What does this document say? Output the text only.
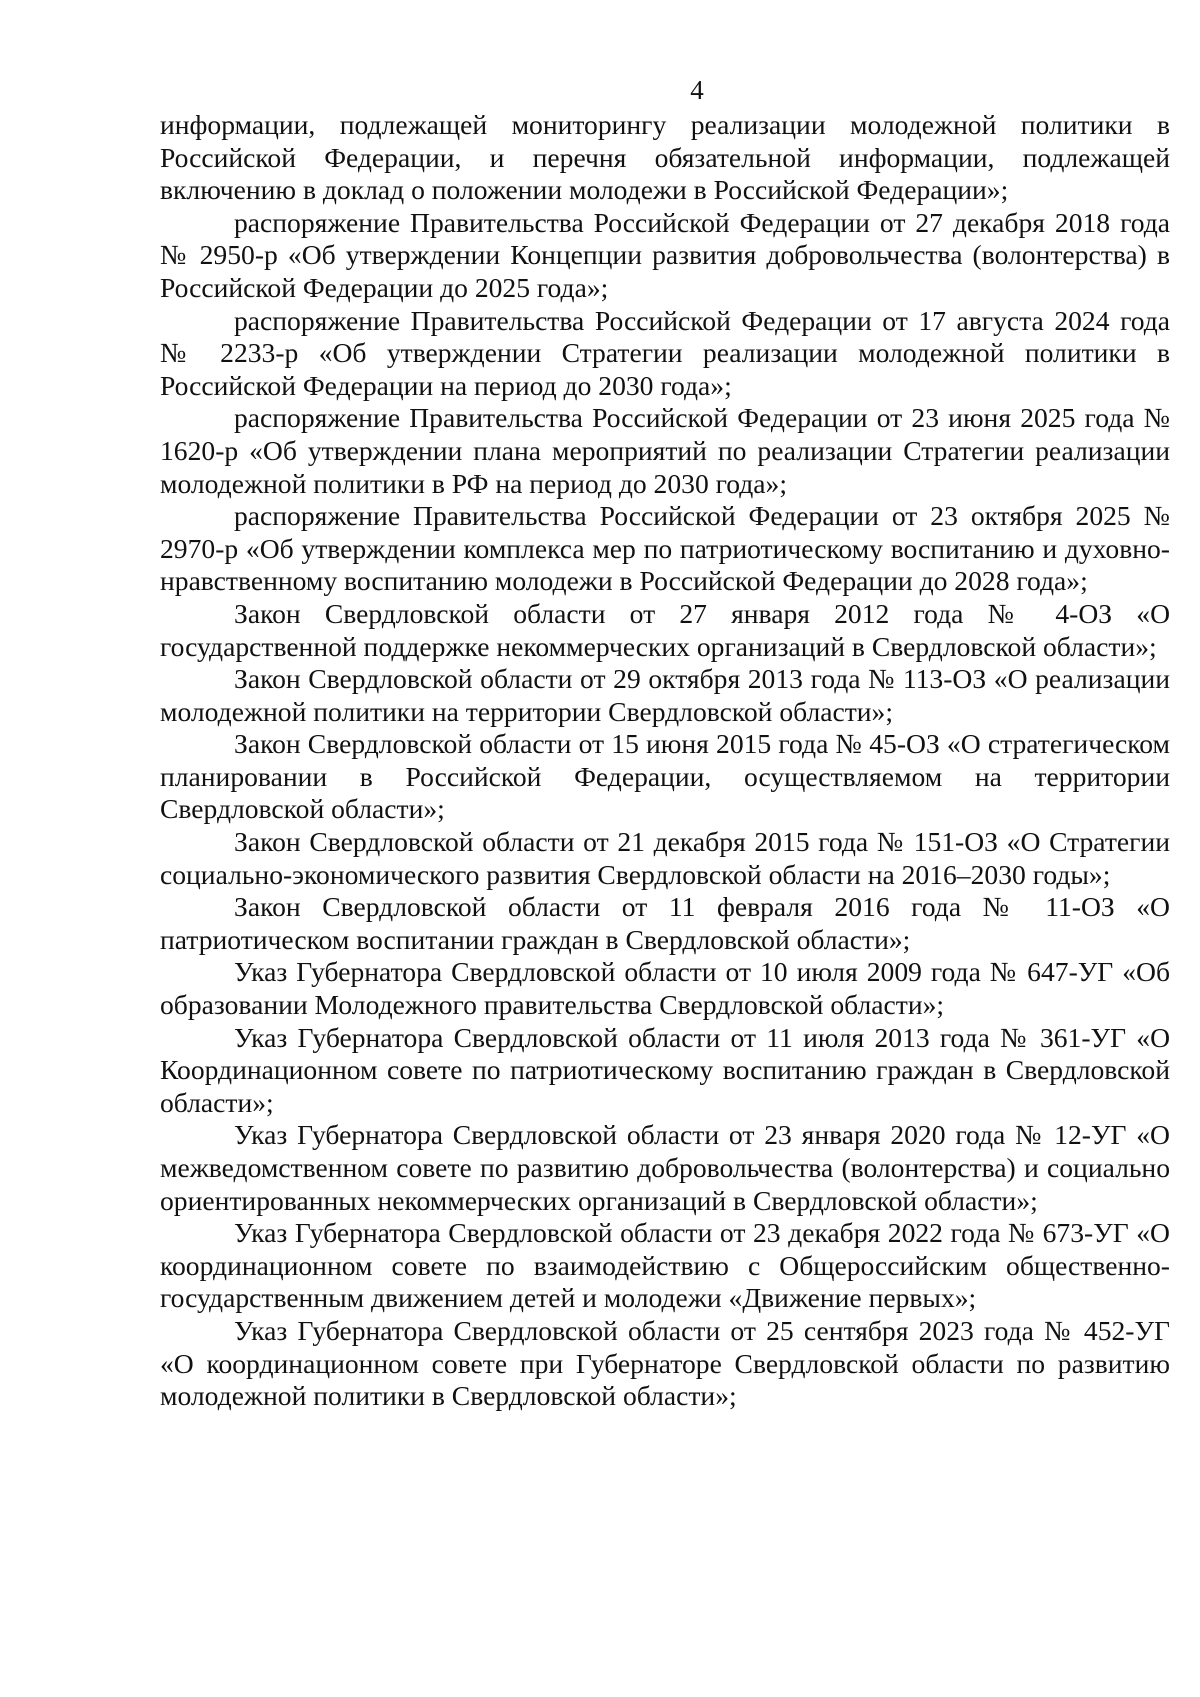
4

информации, подлежащей мониторингу реализации молодежной политики в Российской Федерации, и перечня обязательной информации, подлежащей включению в доклад о положении молодежи в Российской Федерации»;

распоряжение Правительства Российской Федерации от 27 декабря 2018 года № 2950-р «Об утверждении Концепции развития добровольчества (волонтерства) в Российской Федерации до 2025 года»;

распоряжение Правительства Российской Федерации от 17 августа 2024 года № 2233-р «Об утверждении Стратегии реализации молодежной политики в Российской Федерации на период до 2030 года»;

распоряжение Правительства Российской Федерации от 23 июня 2025 года № 1620-р «Об утверждении плана мероприятий по реализации Стратегии реализации молодежной политики в РФ на период до 2030 года»;

распоряжение Правительства Российской Федерации от 23 октября 2025 № 2970-р «Об утверждении комплекса мер по патриотическому воспитанию и духовно-нравственному воспитанию молодежи в Российской Федерации до 2028 года»;

Закон Свердловской области от 27 января 2012 года № 4-ОЗ «О государственной поддержке некоммерческих организаций в Свердловской области»;

Закон Свердловской области от 29 октября 2013 года № 113-ОЗ «О реализации молодежной политики на территории Свердловской области»;

Закон Свердловской области от 15 июня 2015 года № 45-ОЗ «О стратегическом планировании в Российской Федерации, осуществляемом на территории Свердловской области»;

Закон Свердловской области от 21 декабря 2015 года № 151-ОЗ «О Стратегии социально-экономического развития Свердловской области на 2016–2030 годы»;

Закон Свердловской области от 11 февраля 2016 года № 11-ОЗ «О патриотическом воспитании граждан в Свердловской области»;

Указ Губернатора Свердловской области от 10 июля 2009 года № 647-УГ «Об образовании Молодежного правительства Свердловской области»;

Указ Губернатора Свердловской области от 11 июля 2013 года № 361-УГ «О Координационном совете по патриотическому воспитанию граждан в Свердловской области»;

Указ Губернатора Свердловской области от 23 января 2020 года № 12-УГ «О межведомственном совете по развитию добровольчества (волонтерства) и социально ориентированных некоммерческих организаций в Свердловской области»;

Указ Губернатора Свердловской области от 23 декабря 2022 года № 673-УГ «О координационном совете по взаимодействию с Общероссийским общественно-государственным движением детей и молодежи «Движение первых»;

Указ Губернатора Свердловской области от 25 сентября 2023 года № 452-УГ «О координационном совете при Губернаторе Свердловской области по развитию молодежной политики в Свердловской области»;
